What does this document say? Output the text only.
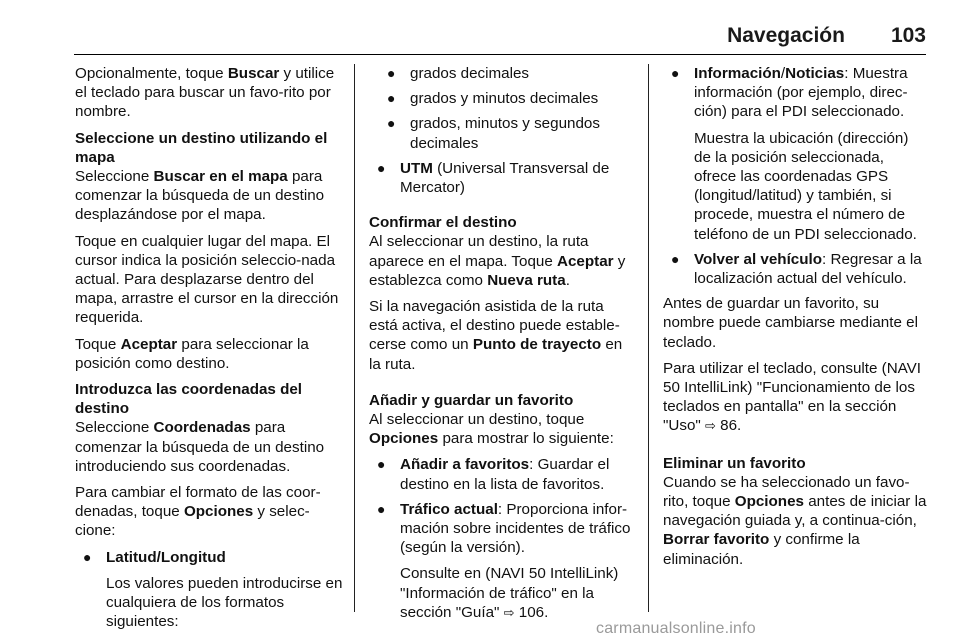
Navegación 103

Opcionalmente, toque Buscar y utilice el teclado para buscar un favo-rito por nombre.

Seleccione un destino utilizando el mapa

Seleccione Buscar en el mapa para comenzar la búsqueda de un destino desplazándose por el mapa.

Toque en cualquier lugar del mapa. El cursor indica la posición seleccio-nada actual. Para desplazarse dentro del mapa, arrastre el cursor en la dirección requerida.

Toque Aceptar para seleccionar la posición como destino.

Introduzca las coordenadas del destino

Seleccione Coordenadas para comenzar la búsqueda de un destino introduciendo sus coordenadas.

Para cambiar el formato de las coor-denadas, toque Opciones y selec-cione:

● Latitud/Longitud
Los valores pueden introducirse en cualquiera de los formatos siguientes:
● grados decimales
● grados y minutos decimales
● grados, minutos y segundos decimales
● UTM (Universal Transversal de Mercator)
Confirmar el destino

Al seleccionar un destino, la ruta aparece en el mapa. Toque Aceptar y establezca como Nueva ruta.

Si la navegación asistida de la ruta está activa, el destino puede estable-cerse como un Punto de trayecto en la ruta.

Añadir y guardar un favorito

Al seleccionar un destino, toque Opciones para mostrar lo siguiente:

● Añadir a favoritos: Guardar el destino en la lista de favoritos.
● Tráfico actual: Proporciona infor-mación sobre incidentes de tráfico (según la versión).
Consulte en (NAVI 50 IntelliLink) "Información de tráfico" en la sección "Guía" ⇨ 106.
● Información/Noticias: Muestra información (por ejemplo, direc-ción) para el PDI seleccionado.
Muestra la ubicación (dirección) de la posición seleccionada, ofrece las coordenadas GPS (longitud/latitud) y también, si procede, muestra el número de teléfono de un PDI seleccionado.
● Volver al vehículo: Regresar a la localización actual del vehículo.

Antes de guardar un favorito, su nombre puede cambiarse mediante el teclado.

Para utilizar el teclado, consulte (NAVI 50 IntelliLink) "Funcionamiento de los teclados en pantalla" en la sección "Uso" ⇨ 86.

Eliminar un favorito

Cuando se ha seleccionado un favo-rito, toque Opciones antes de iniciar la navegación guiada y, a continua-ción, Borrar favorito y confirme la eliminación.

carmanualsonline.info
